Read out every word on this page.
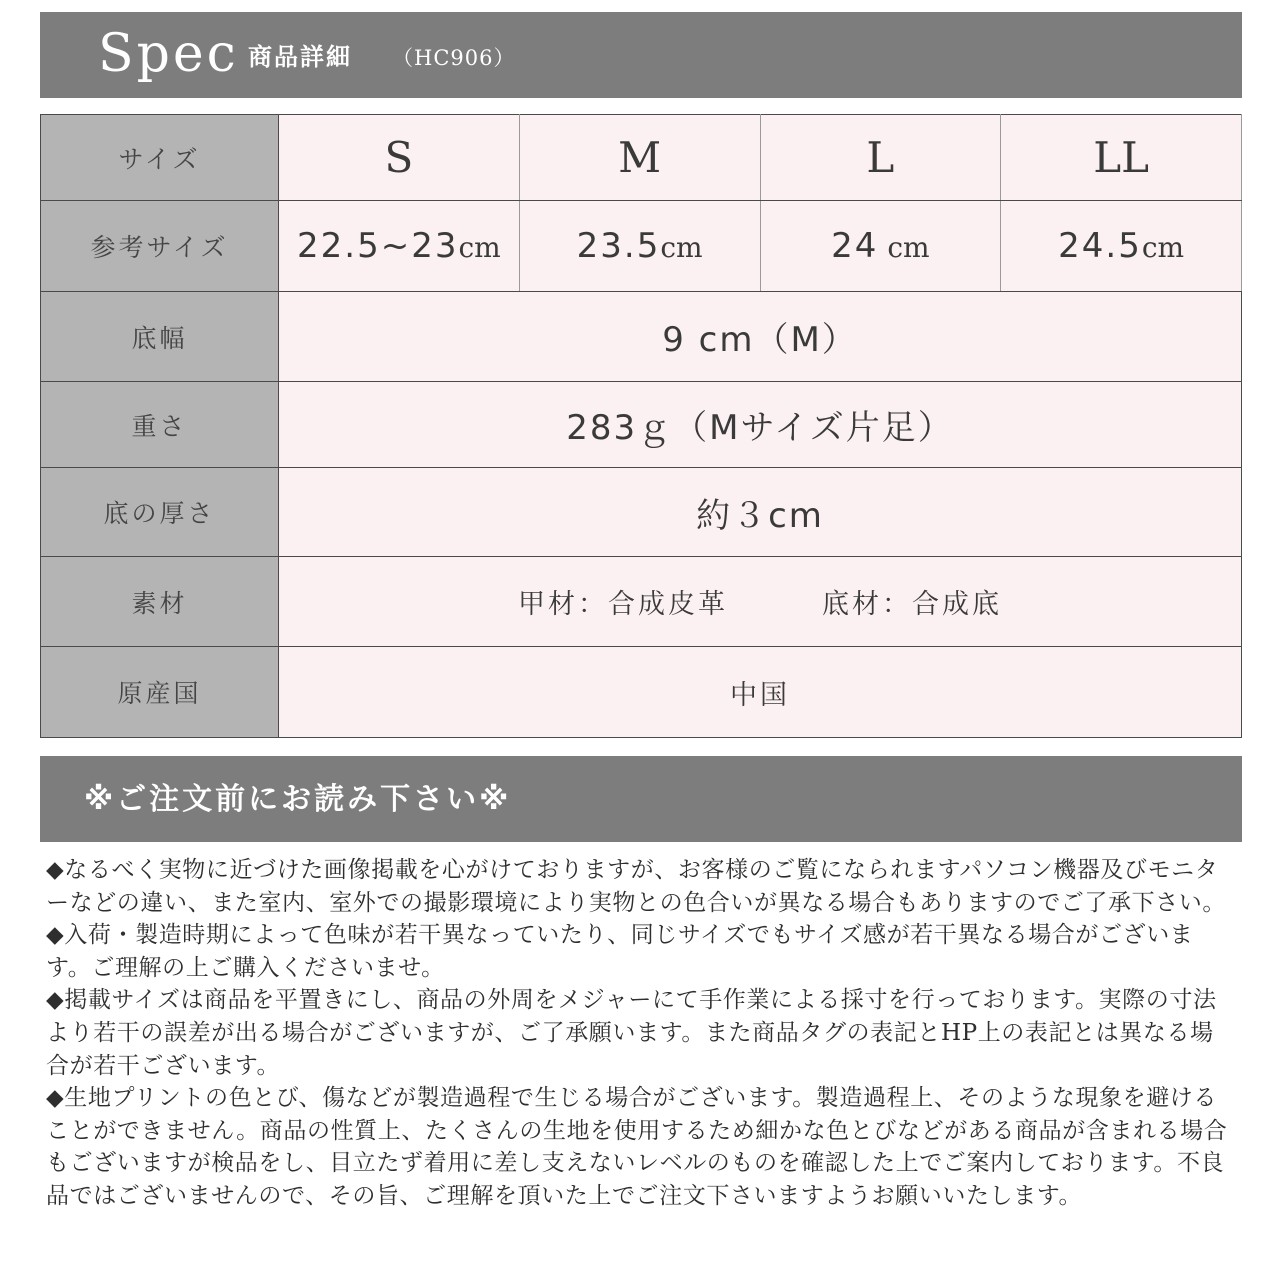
Spec 商品詳細 （HC906）
サイズ	S	M	L	LL
参考サイズ	22.5~23cm	23.5cm	24 cm	24.5cm
底幅	9 cm（M）			
重さ	283ｇ（Mサイズ片足）			
底の厚さ	約３cm			
素材	甲材：合成皮革 底材：合成底			
原産国	中国			
※ご注文前にお読み下さい※

◆なるべく実物に近づけた画像掲載を心がけておりますが、お客様のご覧になられますパソコン機器及びモニターなどの違い、また室内、室外での撮影環境により実物との色合いが異なる場合もありますのでご了承下さい。

◆入荷・製造時期によって色味が若干異なっていたり、同じサイズでもサイズ感が若干異なる場合がございます。ご理解の上ご購入くださいませ。

◆掲載サイズは商品を平置きにし、商品の外周をメジャーにて手作業による採寸を行っております。実際の寸法より若干の誤差が出る場合がございますが、ご了承願います。また商品タグの表記とHP上の表記とは異なる場合が若干ございます。

◆生地プリントの色とび、傷などが製造過程で生じる場合がございます。製造過程上、そのような現象を避けることができません。商品の性質上、たくさんの生地を使用するため細かな色とびなどがある商品が含まれる場合もございますが検品をし、目立たず着用に差し支えないレベルのものを確認した上でご案内しております。不良品ではございませんので、その旨、ご理解を頂いた上でご注文下さいますようお願いいたします。
